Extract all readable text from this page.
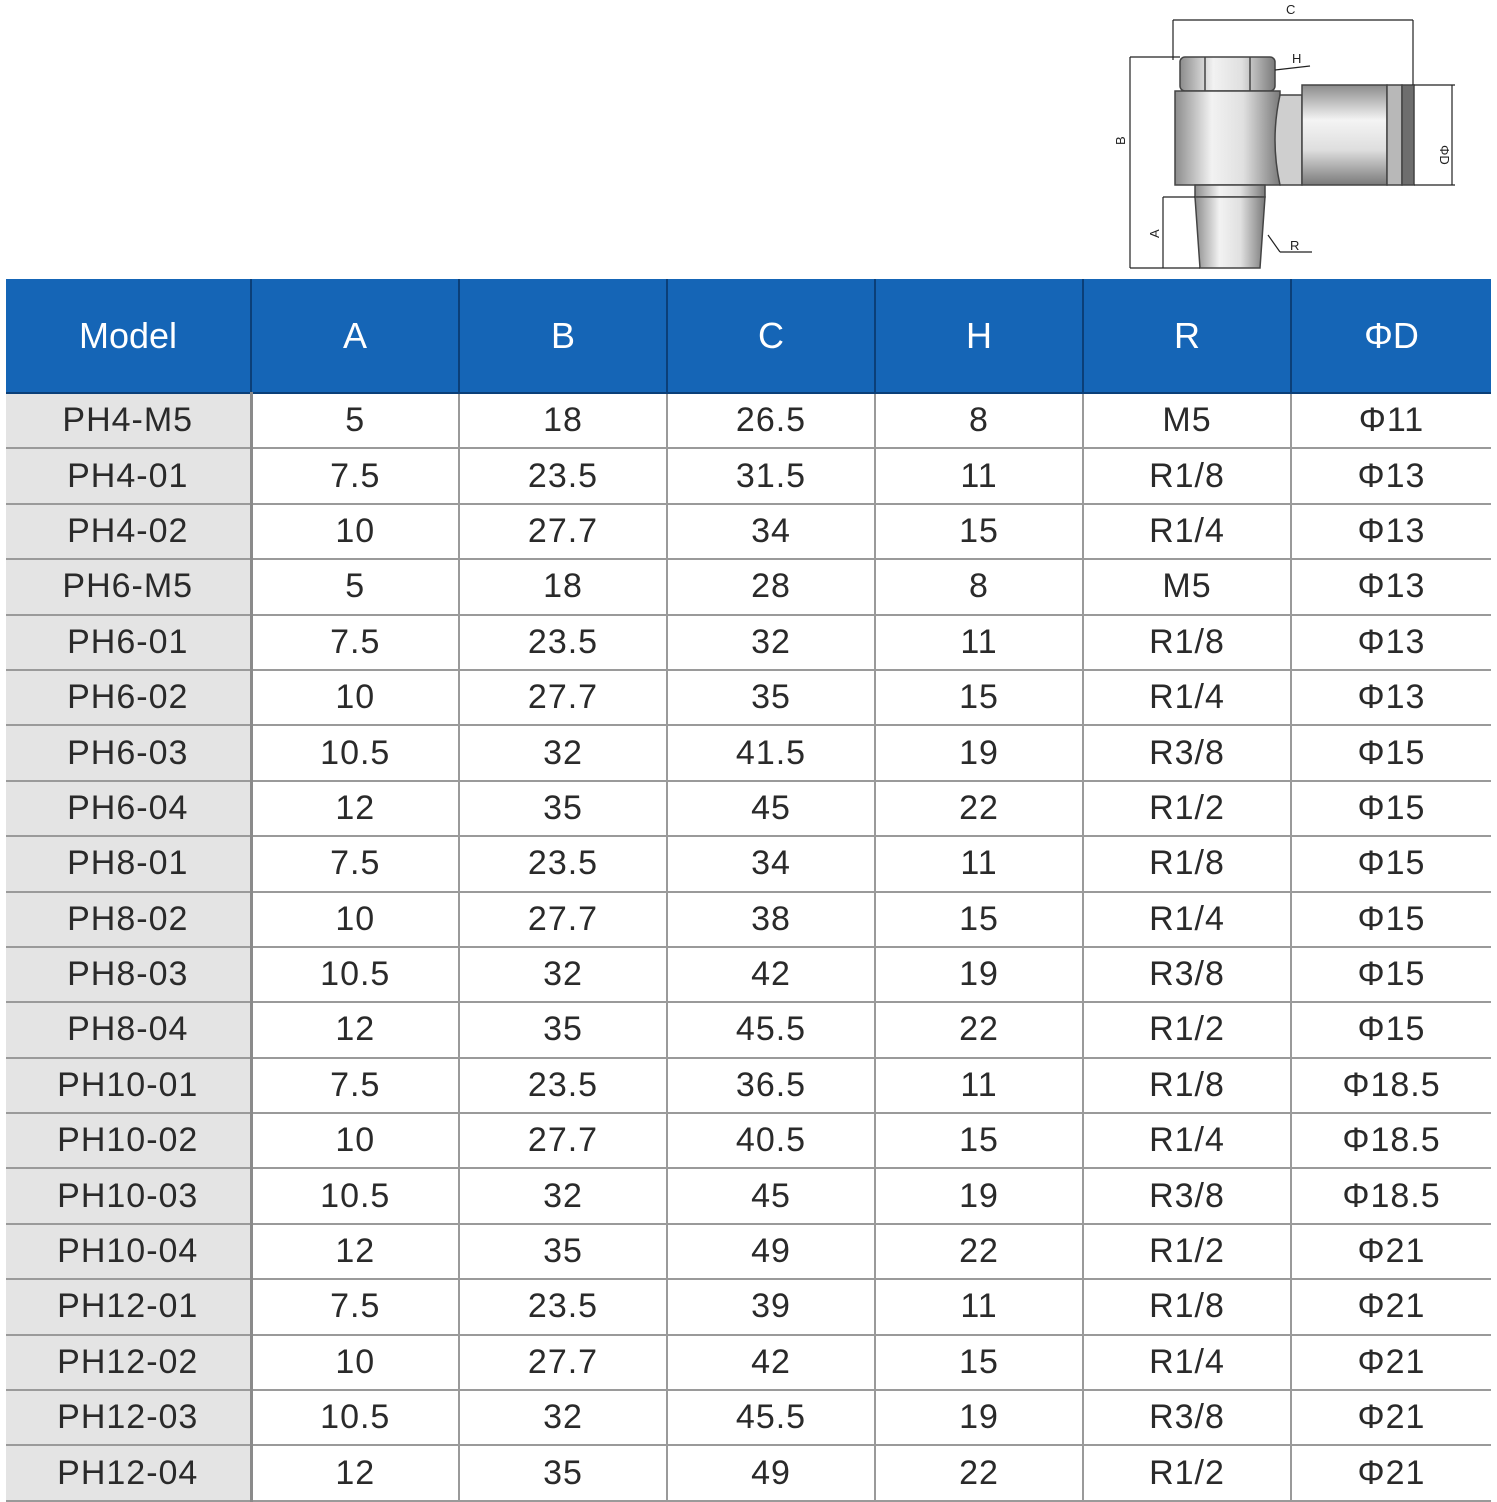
C
H
B
ΦD
A
R
Model	A	B	C	H	R	ΦD
PH4-M5	5	18	26.5	8	M5	Φ11
PH4-01	7.5	23.5	31.5	11	R1/8	Φ13
PH4-02	10	27.7	34	15	R1/4	Φ13
PH6-M5	5	18	28	8	M5	Φ13
PH6-01	7.5	23.5	32	11	R1/8	Φ13
PH6-02	10	27.7	35	15	R1/4	Φ13
PH6-03	10.5	32	41.5	19	R3/8	Φ15
PH6-04	12	35	45	22	R1/2	Φ15
PH8-01	7.5	23.5	34	11	R1/8	Φ15
PH8-02	10	27.7	38	15	R1/4	Φ15
PH8-03	10.5	32	42	19	R3/8	Φ15
PH8-04	12	35	45.5	22	R1/2	Φ15
PH10-01	7.5	23.5	36.5	11	R1/8	Φ18.5
PH10-02	10	27.7	40.5	15	R1/4	Φ18.5
PH10-03	10.5	32	45	19	R3/8	Φ18.5
PH10-04	12	35	49	22	R1/2	Φ21
PH12-01	7.5	23.5	39	11	R1/8	Φ21
PH12-02	10	27.7	42	15	R1/4	Φ21
PH12-03	10.5	32	45.5	19	R3/8	Φ21
PH12-04	12	35	49	22	R1/2	Φ21
